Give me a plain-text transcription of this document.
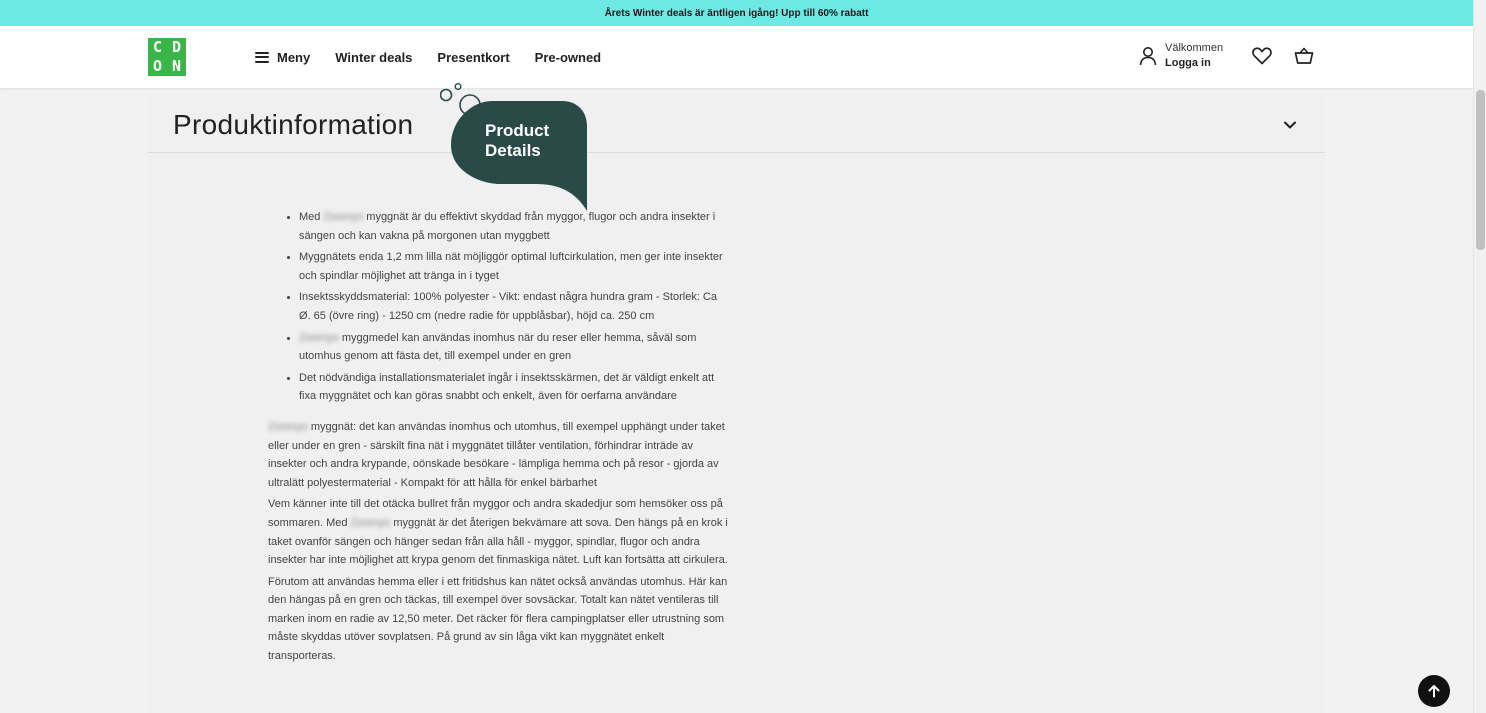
Årets Winter deals är äntligen igång! Upp till 60% rabatt
C D
O N	Meny Winter deals Presentkort Pre-owned
Välkommen
Logga in
Produktinformation	Product Details
Med Zoomyo myggnät är du effektivt skyddad från myggor, flugor och andra insekter i sängen och kan vakna på morgonen utan myggbett
Myggnätets enda 1,2 mm lilla nät möjliggör optimal luftcirkulation, men ger inte insekter och spindlar möjlighet att tränga in i tyget
Insektsskyddsmaterial: 100% polyester - Vikt: endast några hundra gram - Storlek: Ca Ø. 65 (övre ring) - 1250 cm (nedre radie för uppblåsbar), höjd ca. 250 cm
Zoomyo myggmedel kan användas inomhus när du reser eller hemma, såväl som utomhus genom att fästa det, till exempel under en gren
Det nödvändiga installationsmaterialet ingår i insektsskärmen, det är väldigt enkelt att fixa myggnätet och kan göras snabbt och enkelt, även för oerfarna användare

Zoomyo myggnät: det kan användas inomhus och utomhus, till exempel upphängt under taket eller under en gren - särskilt fina nät i myggnätet tillåter ventilation, förhindrar inträde av insekter och andra krypande, oönskade besökare - lämpliga hemma och på resor - gjorda av ultralätt polyestermaterial - Kompakt för att hålla för enkel bärbarhet

Vem känner inte till det otäcka bullret från myggor och andra skadedjur som hemsöker oss på sommaren. Med Zoomyo myggnät är det återigen bekvämare att sova. Den hängs på en krok i taket ovanför sängen och hänger sedan från alla håll - myggor, spindlar, flugor och andra insekter har inte möjlighet att krypa genom det finmaskiga nätet. Luft kan fortsätta att cirkulera.

Förutom att användas hemma eller i ett fritidshus kan nätet också användas utomhus. Här kan den hängas på en gren och täckas, till exempel över sovsäckar. Totalt kan nätet ventileras till marken inom en radie av 12,50 meter. Det räcker för flera campingplatser eller utrustning som måste skyddas utöver sovplatsen. På grund av sin låga vikt kan myggnätet enkelt transporteras.
